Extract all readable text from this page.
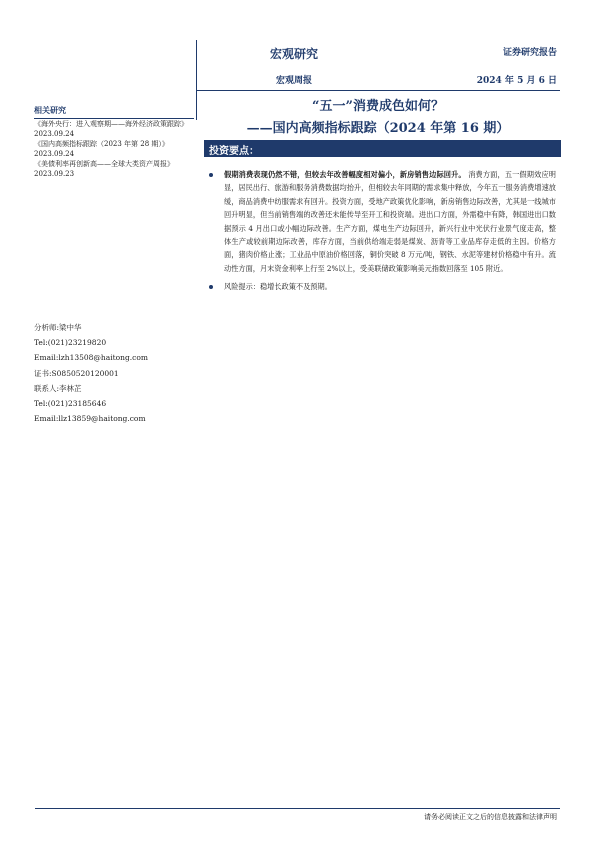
宏观研究
宏观周报
证券研究报告
2024 年 5 月 6 日
相关研究
《海外央行：进入观察期——海外经济政策跟踪》2023.09.24
《国内高频指标跟踪（2023 年第 28 期）》2023.09.24
《美债利率再创新高——全球大类资产周报》2023.09.23
分析师:梁中华
Tel:(021)23219820
Email:lzh13508@haitong.com
证书:S0850520120001
联系人:李林芷
Tel:(021)23185646
Email:llz13859@haitong.com
“五一”消费成色如何？
——国内高频指标跟踪（2024 年第 16 期）
投资要点：
假期消费表现仍然不错，但较去年改善幅度相对偏小，新房销售边际回升。 消费方面，五一假期效应明显，居民出行、旅游和服务消费数据均抬升，但相较去年同期的需求集中释放，今年五一服务消费增速放缓，商品消费中纺服需求有回升。投资方面，受地产政策优化影响，新房销售边际改善，尤其是一线城市回升明显，但当前销售端的改善还未能传导至开工和投资端。进出口方面，外需稳中有降，韩国进出口数据预示 4 月出口或小幅边际改善。生产方面，煤电生产边际回升，新兴行业中光伏行业景气度走高，整体生产或较前期边际改善，库存方面，当前供给端走弱是煤炭、沥青等工业品库存走低的主因。价格方面，猪肉价格止涨；工业品中原油价格回落，铜价突破 8 万元/吨，钢铁、水泥等建材价格稳中有升。流动性方面，月末资金利率上行至 2%以上，受美联储政策影响美元指数回落至 105 附近。
风险提示：稳增长政策不及预期。
请务必阅读正文之后的信息披露和法律声明
